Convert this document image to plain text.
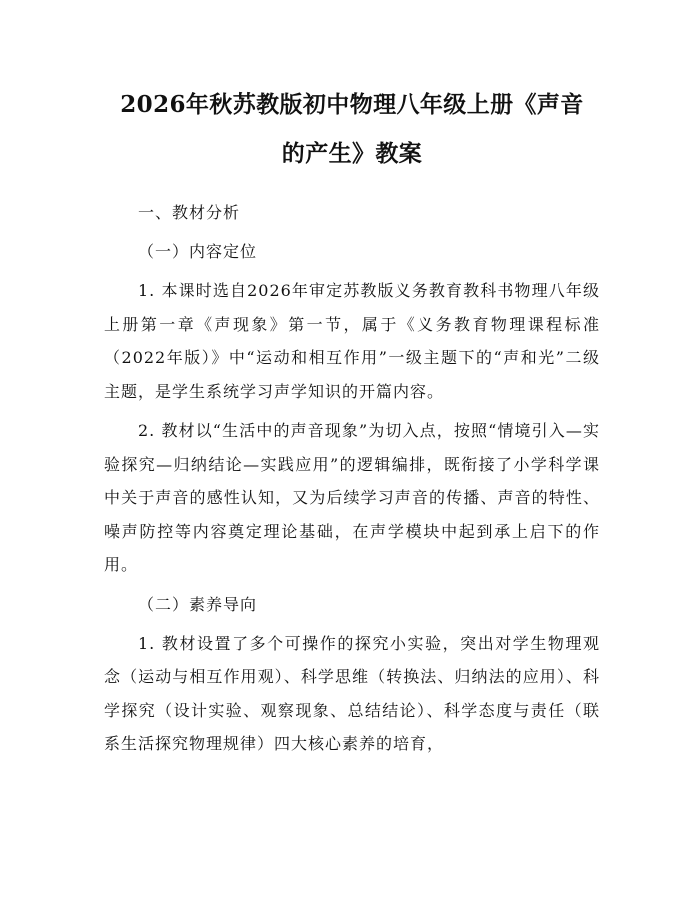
2026年秋苏教版初中物理八年级上册《声音
的产生》教案

一、教材分析

（一）内容定位

1. 本课时选自2026年审定苏教版义务教育教科书物理八年级上册第一章《声现象》第一节，属于《义务教育物理课程标准（2022年版）》中“运动和相互作用”一级主题下的“声和光”二级主题，是学生系统学习声学知识的开篇内容。

2. 教材以“生活中的声音现象”为切入点，按照“情境引入—实验探究—归纳结论—实践应用”的逻辑编排，既衔接了小学科学课中关于声音的感性认知，又为后续学习声音的传播、声音的特性、噪声防控等内容奠定理论基础，在声学模块中起到承上启下的作用。

（二）素养导向

1. 教材设置了多个可操作的探究小实验，突出对学生物理观念（运动与相互作用观）、科学思维（转换法、归纳法的应用）、科学探究（设计实验、观察现象、总结结论）、科学态度与责任（联系生活探究物理规律）四大核心素养的培育，
